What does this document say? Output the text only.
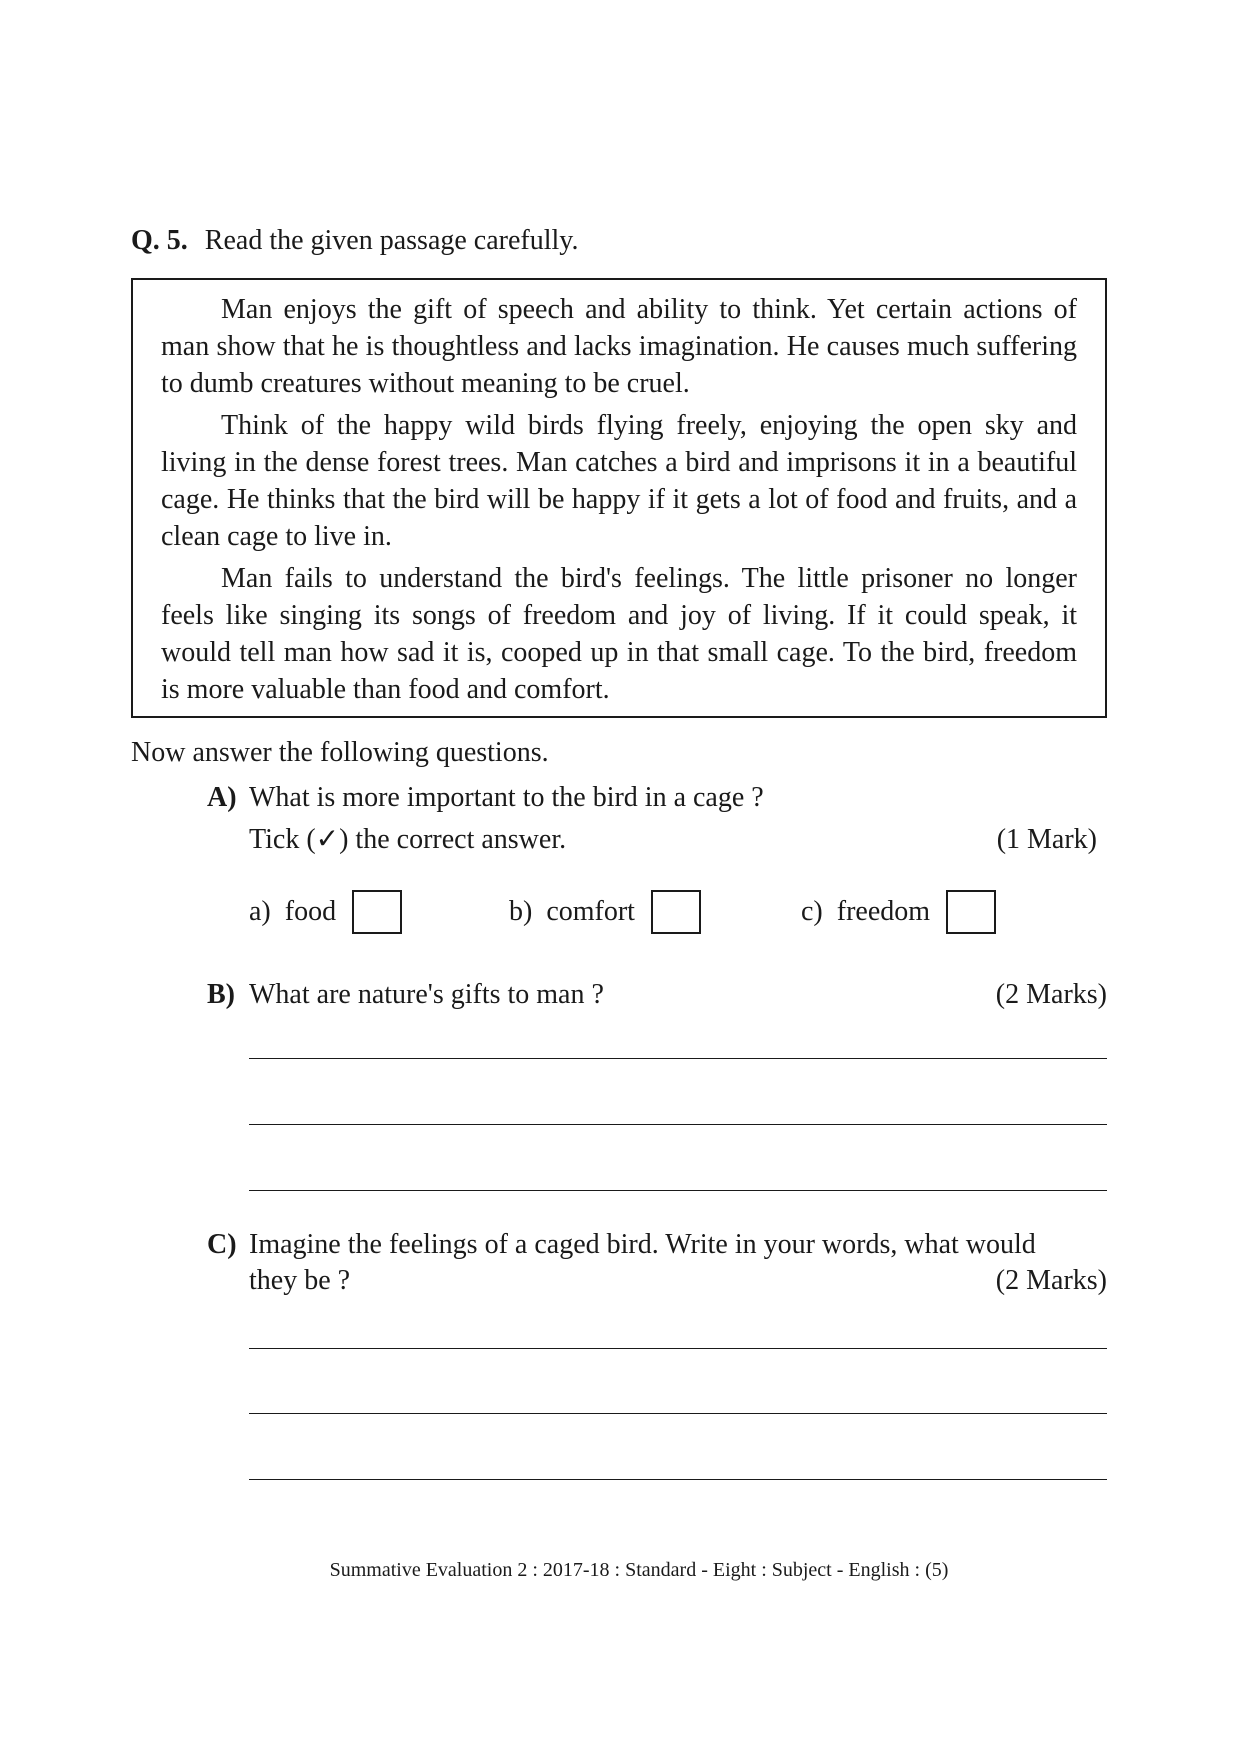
Q. 5. Read the given passage carefully.

Man enjoys the gift of speech and ability to think. Yet certain actions of man show that he is thoughtless and lacks imagination. He causes much suffering to dumb creatures without meaning to be cruel.

Think of the happy wild birds flying freely, enjoying the open sky and living in the dense forest trees. Man catches a bird and imprisons it in a beautiful cage. He thinks that the bird will be happy if it gets a lot of food and fruits, and a clean cage to live in.

Man fails to understand the bird's feelings. The little prisoner no longer feels like singing its songs of freedom and joy of living. If it could speak, it would tell man how sad it is, cooped up in that small cage. To the bird, freedom is more valuable than food and comfort.

Now answer the following questions.
A) What is more important to the bird in a cage ?
Tick (✓) the correct answer.	(1 Mark)
a)  food	b)  comfort	c)  freedom
B) What are nature's gifts to man ?	(2 Marks)
C) Imagine the feelings of a caged bird. Write in your words, what would
they be ?	(2 Marks)
Summative Evaluation 2 : 2017-18 : Standard - Eight : Subject - English : (5)
